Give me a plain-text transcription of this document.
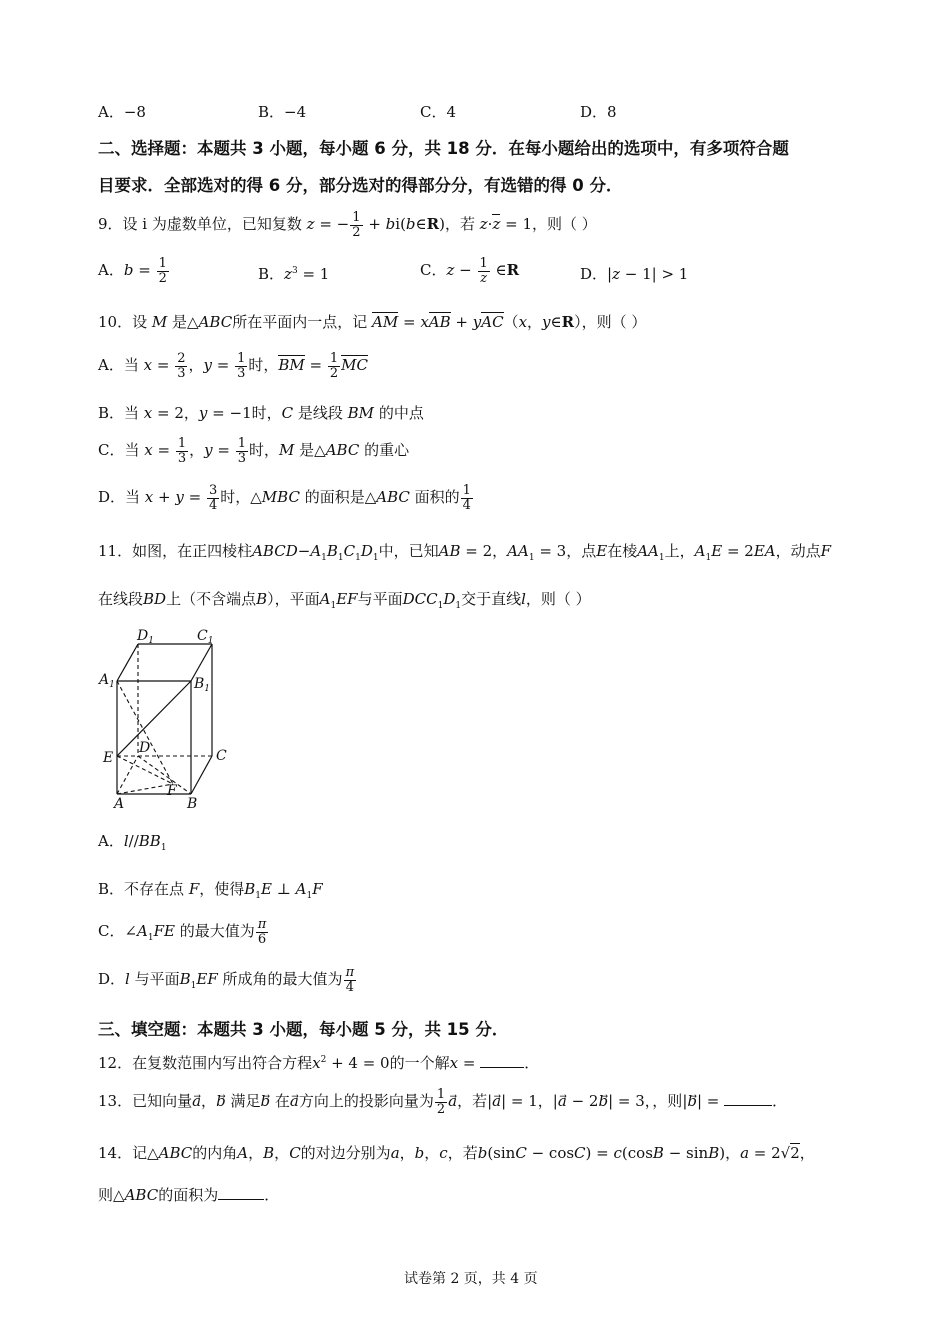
A．−8	B．−4	C．4	D．8
二、选择题：本题共 3 小题，每小题 6 分，共 18 分．在每小题给出的选项中，有多项符合题
目要求．全部选对的得 6 分，部分选对的得部分分，有选错的得 0 分．
9．设 i 为虚数单位，已知复数 z = − $\frac{1}{2}$ + bi(b∈R)，若 z·z = 1，则（ ）
A．$b = \frac{1}{2}$	B．$z^3 = 1$	C．$z - \frac{1}{z}$ ∈R	D．|z − 1| > 1
10．设 M 是△ABC所在平面内一点，记 AM = xAB + yAC（x，y∈R），则（ ）
A．当 $x = \frac{2}{3}$ ，$y = \frac{1}{3}$ 时，BM = $\frac{1}{2}$ MC
B．当 x = 2，y = −1时，C 是线段 BM 的中点
C．当 $x = \frac{1}{3}$ ，$y = \frac{1}{3}$ 时，M 是△ABC 的重心
D．当 $x + y = \frac{3}{4}$ 时，△MBC 的面积是△ABC 面积的 $\frac{1}{4}$
11．如图，在正四棱柱$ABCD-A_1B_1C_1D_1$中，已知AB = 2，$AA_1 = 3$，点E在棱$AA_1$上，$A_1E = 2EA$，动点F
在线段BD上（不含端点B），平面$A_1EF$与平面$DCC_1D_1$交于直线l，则（ ）
$D_1$	$C_1$
$A_1$	$B_1$
E
D	C
A
F
B
A．$l//BB_1$
B．不存在点 F，使得$B_1E$ ⊥ $A_1F$
C．$\angle A_1FE$ 的最大值为 $\frac{\pi}{6}$
D．l 与平面$B_1EF$ 所成角的最大值为 $\frac{\pi}{4}$
三、填空题：本题共 3 小题，每小题 5 分，共 15 分．
12．在复数范围内写出符合方程$x^2 + 4 = 0$的一个解x =	．
13．已知向量a⃗，b⃗ 满足b⃗ 在a方向上的投影向量为 $\frac{1}{2}$ a，若|a⃗| = 1，|a⃗ − 2b⃗| = 3，，则|b⃗| =	．
14．记△ABC的内角A，B，C的对边分别为a，b，c，若b(sinC − cosC) = c(cosB − sinB)，a = 2√2，
则△ABC的面积为	．
试卷第 2 页，共 4 页
